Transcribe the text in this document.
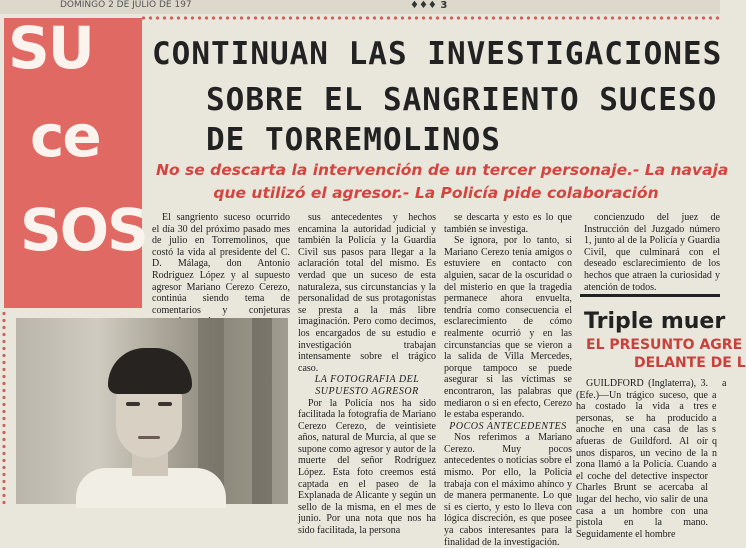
DOMINGO 2 DE JULIO DE 197	♦♦♦ 3
SU
ce
SOS
CONTINUAN LAS INVESTIGACIONES
SOBRE EL SANGRIENTO SUCESO
DE TORREMOLINOS
No se descarta la intervención de un tercer personaje.- La navaja
que utilizó el agresor.- La Policía pide colaboración

El sangriento suceso ocurrido el día 30 del próximo pasado mes de julio en Torremolinos, que costó la vida al presidente del C. D. Málaga, don Antonio Rodríguez López y al supuesto agresor Mariano Cerezo Cerezo, continúa siendo tema de comentarios y conjeturas

sus antecedentes y hechos encamina la autoridad judicial y también la Policía y la Guardia Civil sus pasos para llegar a la aclaración total del mismo. Es verdad que un suceso de esta naturaleza, sus circunstancias y la personalidad de sus protagonistas se presta a la más libre imaginación. Pero como decimos, los encargados de su estudio e investigación trabajan intensamente sobre el trágico caso.

LA FOTOGRAFIA DEL SUPUESTO AGRESOR

Por la Policía nos ha sido facilitada la fotografía de Mariano Cerezo Cerezo, de veintisiete años, natural de Murcia, al que se supone como agresor y autor de la muerte del señor Rodríguez López. Esta foto creemos está captada en el paseo de la Explanada de Alicante y según un sello de la misma, en el mes de junio. Por una nota que nos ha sido facilitada, la persona

se descarta y esto es lo que también se investiga.

Se ignora, por lo tanto, si Mariano Cerezo tenía amigos o estuviere en contacto con alguien, sacar de la oscuridad o del misterio en que la tragedia permanece ahora envuelta, tendría como consecuencia el esclarecimiento de cómo realmente ocurrió y en las circunstancias que se vieron a la salida de Villa Mercedes, porque tampoco se puede asegurar si las víctimas se encontraron, las palabras que mediaron o si en efecto, Cerezo le estaba esperando.

POCOS ANTECEDENTES

Nos referimos a Mariano Cerezo. Muy pocos antecedentes o noticias sobre el mismo. Por ello, la Policía trabaja con el máximo ahínco y de manera permanente. Lo que sí es cierto, y esto lo lleva con lógica discreción, es que posee ya cabos interesantes para la finalidad de la investigación.

concienzudo del juez de Instrucción del Juzgado número 1, junto al de la Policía y Guardia Civil, que culminará con el deseado esclarecimiento de los hechos que atraen la curiosidad y atención de todos.

Triple muer
EL PRESUNTO AGRE
DELANTE DE L

GUILDFORD (Inglaterra), 3. (Efe.)—Un trágico suceso, que ha costado la vida a tres personas, se ha producido anoche en una casa de las afueras de Guildford. Al oír unos disparos, un vecino de la zona llamó a la Policía. Cuando el coche del detective inspector Charles Brunt se acercaba al lugar del hecho, vio salir de una casa a un hombre con una pistola en la mano. Seguidamente el hombre

a a e a s q n a
